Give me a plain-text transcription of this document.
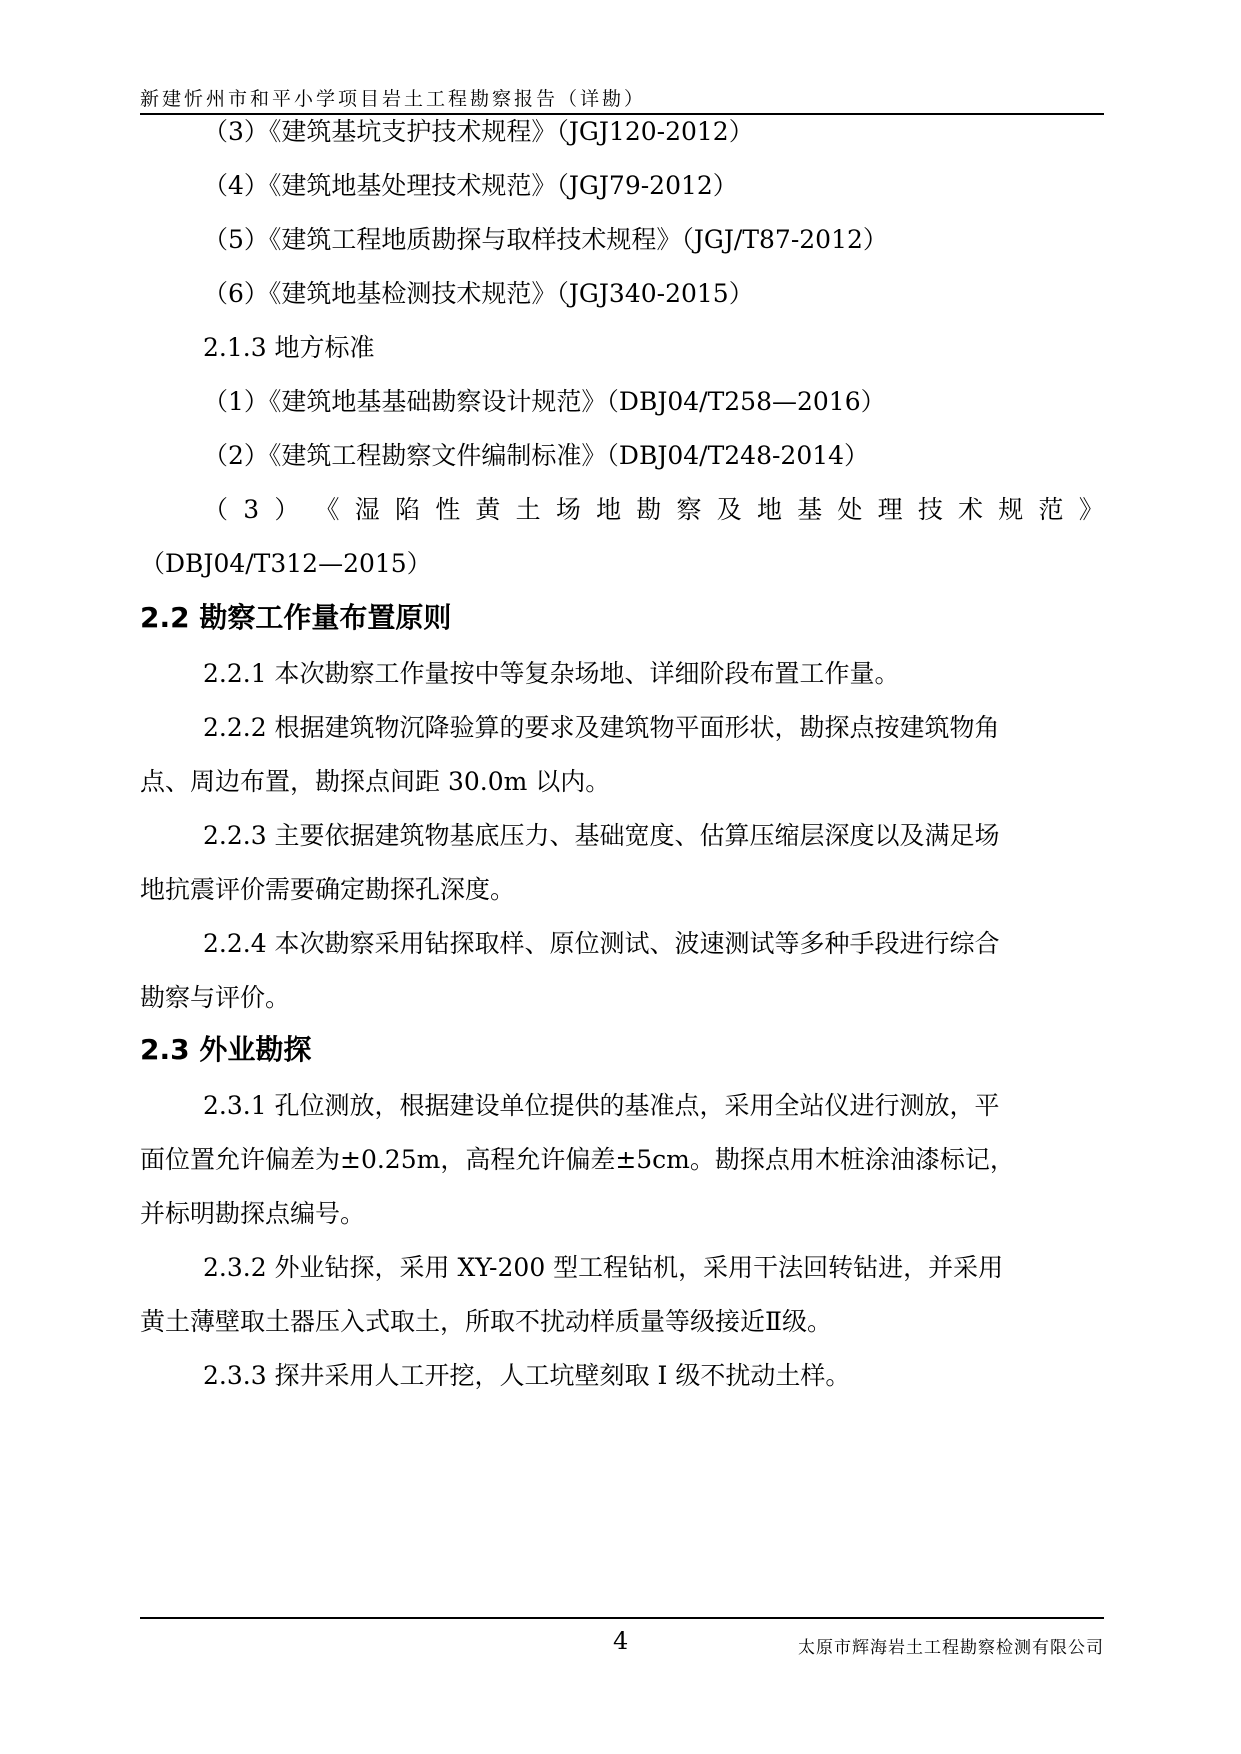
新建忻州市和平小学项目岩土工程勘察报告（详勘）
（3）《建筑基坑支护技术规程》（JGJ120-2012）
（4）《建筑地基处理技术规范》（JGJ79-2012）
（5）《建筑工程地质勘探与取样技术规程》（JGJ/T87-2012）
（6）《建筑地基检测技术规范》（JGJ340-2015）
2.1.3 地方标准
（1）《建筑地基基础勘察设计规范》（DBJ04/T258—2016）
（2）《建筑工程勘察文件编制标准》（DBJ04/T248-2014）
（ 3 ） 《 湿 陷 性 黄 土 场 地 勘 察 及 地 基 处 理 技 术 规 范 》
（DBJ04/T312—2015）
2.2 勘察工作量布置原则
2.2.1 本次勘察工作量按中等复杂场地、详细阶段布置工作量。
2.2.2 根据建筑物沉降验算的要求及建筑物平面形状，勘探点按建筑物角
点、周边布置，勘探点间距 30.0m 以内。
2.2.3 主要依据建筑物基底压力、基础宽度、估算压缩层深度以及满足场
地抗震评价需要确定勘探孔深度。
2.2.4 本次勘察采用钻探取样、原位测试、波速测试等多种手段进行综合
勘察与评价。
2.3 外业勘探
2.3.1 孔位测放，根据建设单位提供的基准点，采用全站仪进行测放，平
面位置允许偏差为±0.25m，高程允许偏差±5cm。勘探点用木桩涂油漆标记，
并标明勘探点编号。
2.3.2 外业钻探，采用 XY-200 型工程钻机，采用干法回转钻进，并采用
黄土薄壁取土器压入式取土，所取不扰动样质量等级接近Ⅱ级。
2.3.3 探井采用人工开挖，人工坑壁刻取 I 级不扰动土样。
4	太原市辉海岩土工程勘察检测有限公司
